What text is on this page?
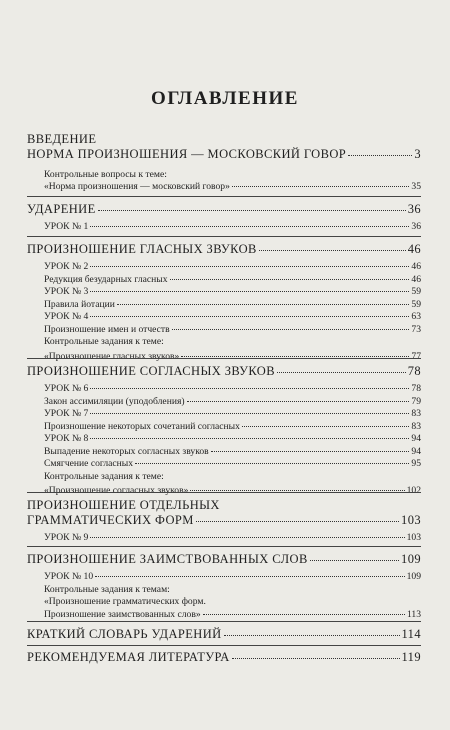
ОГЛАВЛЕНИЕ
ВВЕДЕНИЕ
НОРМА ПРОИЗНОШЕНИЯ — МОСКОВСКИЙ ГОВОР	3
Контрольные вопросы к теме:
«Норма произношения — московский говор»	35
УДАРЕНИЕ	36
УРОК № 1	36
ПРОИЗНОШЕНИЕ ГЛАСНЫХ ЗВУКОВ	46
УРОК № 2	46
Редукция безударных гласных	46
УРОК № 3	59
Правила йотации	59
УРОК № 4	63
Произношение имен и отчеств	73
Контрольные задания к теме:
«Произношение гласных звуков»	77
ПРОИЗНОШЕНИЕ СОГЛАСНЫХ ЗВУКОВ	78
УРОК № 6	78
Закон ассимиляции (уподобления)	79
УРОК № 7	83
Произношение некоторых сочетаний согласных	83
УРОК № 8	94
Выпадение некоторых согласных звуков	94
Смягчение согласных	95
Контрольные задания к теме:
«Произношение согласных звуков»	102
ПРОИЗНОШЕНИЕ ОТДЕЛЬНЫХ
ГРАММАТИЧЕСКИХ ФОРМ	103
УРОК № 9	103
ПРОИЗНОШЕНИЕ ЗАИМСТВОВАННЫХ СЛОВ	109
УРОК № 10	109
Контрольные задания к темам:
«Произношение грамматических форм.
Произношение заимствованных слов»	113
КРАТКИЙ СЛОВАРЬ УДАРЕНИЙ	114
РЕКОМЕНДУЕМАЯ ЛИТЕРАТУРА	119
